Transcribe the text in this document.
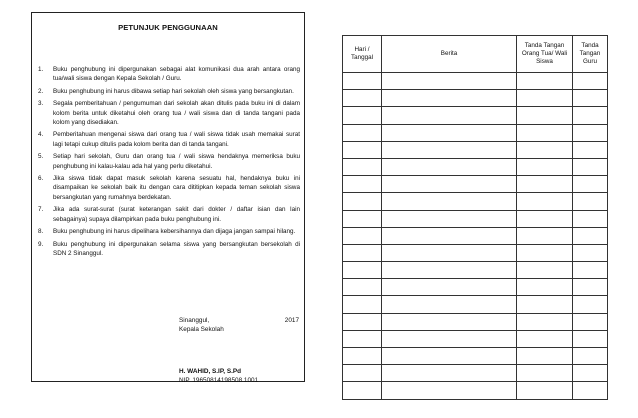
PETUNJUK PENGGUNAAN
1.	Buku penghubung ini dipergunakan sebagai alat komunikasi dua arah antara orang tua/wali siswa dengan Kepala Sekolah / Guru.
2.	Buku penghubung ini harus dibawa setiap hari sekolah oleh siswa yang bersangkutan.
3.	Segala pemberitahuan / pengumuman dari sekolah akan ditulis pada buku ini di dalam kolom berita untuk diketahui oleh orang tua / wali siswa dan di tanda tangani pada kolom yang disediakan.
4.	Pemberitahuan mengenai siswa dari orang tua / wali siswa tidak usah memakai surat lagi tetapi cukup ditulis pada kolom berita dan di tanda tangani.
5.	Setiap hari sekolah, Guru dan orang tua / wali siswa hendaknya memeriksa buku penghubung ini kalau-kalau ada hal yang perlu diketahui.
6.	Jika siswa tidak dapat masuk sekolah karena sesuatu hal, hendaknya buku ini disampaikan ke sekolah baik itu dengan cara dititipkan kepada teman sekolah siswa bersangkutan yang rumahnya berdekatan.
7.	Jika ada surat-surat (surat keterangan sakit dari dokter / daftar isian dan lain sebagainya) supaya dilampirkan pada buku penghubung ini.
8.	Buku penghubung ini harus dipelihara kebersihannya dan dijaga jangan sampai hilang.
9.	Buku penghubung ini dipergunakan selama siswa yang bersangkutan bersekolah di SDN 2 Sinanggul.
Sinanggul,	2017
Kepala Sekolah
H. WAHID, S.IP, S.Pd
NIP. 19650814198508 1001
Hari / Tanggal	Berita	Tanda Tangan Orang Tua/ Wali Siswa	Tanda Tangan Guru
